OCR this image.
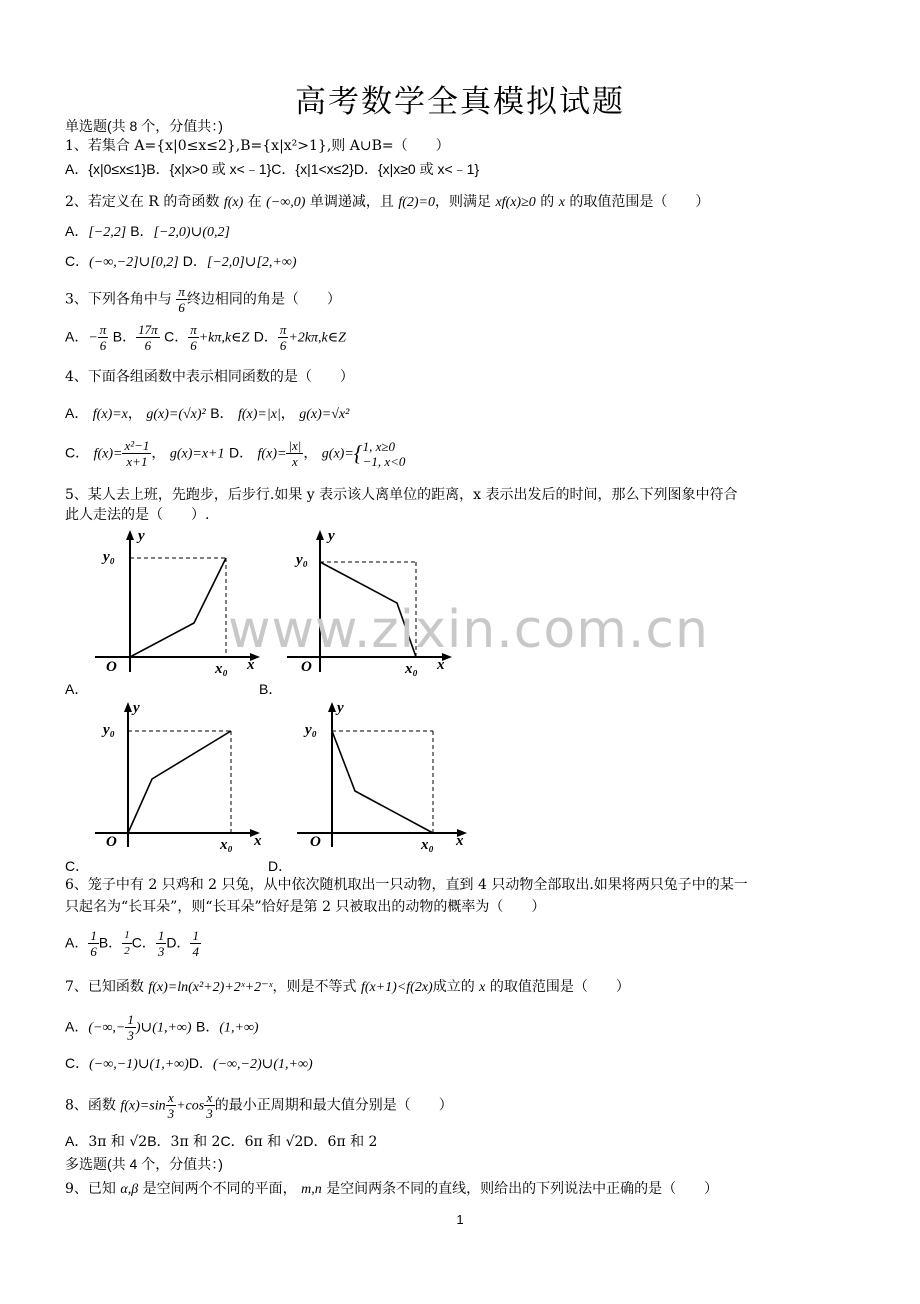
高考数学全真模拟试题
单选题(共 8 个，分值共：)
1、若集合 A={x|0≤x≤2},B={x|x²>1},则 A∪B=（　　）
A．{x|0≤x≤1}B．{x|x>0 或 x<﹣1}C．{x|1<x≤2}D．{x|x≥0 或 x<﹣1}
2、若定义在 R 的奇函数 f(x) 在 (−∞,0) 单调递减，且 f(2)=0，则满足 xf(x)≥0 的 x 的取值范围是（　　）
A．[−2,2] B．[−2,0)∪(0,2]
C．(−∞,−2]∪[0,2] D．[−2,0]∪[2,+∞)
3、下列各角中与 $\frac{\pi}{6}$ 终边相同的角是（　　）
A．− $\frac{\pi}{6}$ B． $\frac{17\pi}{6}$ C． $\frac{\pi}{6}$ +kπ,k∈Z D． $\frac{\pi}{6}$ +2kπ,k∈Z
4、下面各组函数中表示相同函数的是（　　）
A． f(x)=x， g(x)=(√x)² B． f(x)=|x|， g(x)=√x²
C． $f(x)= \frac{\text{x²−1}}{x+1}$ ， g(x)=x+1 D． $f(x)= \frac{|x|}{x}$ ， g(x)={ 1, x≥0
−1, x<0
5、某人去上班，先跑步，后步行.如果 y 表示该人离单位的距离，x 表示出发后的时间，那么下列图象中符合
此人走法的是（　　）.
y
y₀
O	x₀ x
y
y₀
O	x₀ x
A．	B．
y
y₀
O	x₀ x
y
y₀
O	x₀ x
C．	D．
6、笼子中有 2 只鸡和 2 只兔，从中依次随机取出一只动物，直到 4 只动物全部取出.如果将两只兔子中的某一
只起名为“长耳朵”，则“长耳朵”恰好是第 2 只被取出的动物的概率为（　　）
A． $\frac{1}{6}$ B． $\frac{1}{2}$ C． $\frac{1}{3}$ D． $\frac{1}{4}$
7、已知函数 f(x)=ln(x²+2)+2ˣ+2⁻ˣ，则是不等式 f(x+1)<f(2x)成立的 x 的取值范围是（　　）
A．(−∞,− $\frac{1}{3}$ )∪(1,+∞) B．(1,+∞)
C．(−∞,−1)∪(1,+∞)D．(−∞,−2)∪(1,+∞)
8、函数 $f(x)=\sin \frac{x}{3} +\cos \frac{x}{3}$ 的最小正周期和最大值分别是（　　）
A．3π 和 √2B．3π 和 2C．6π 和 √2D．6π 和 2
多选题(共 4 个，分值共：)
9、已知 α,β 是空间两个不同的平面， m,n 是空间两条不同的直线，则给出的下列说法中正确的是（　　）
www.zixin.com.cn
1
